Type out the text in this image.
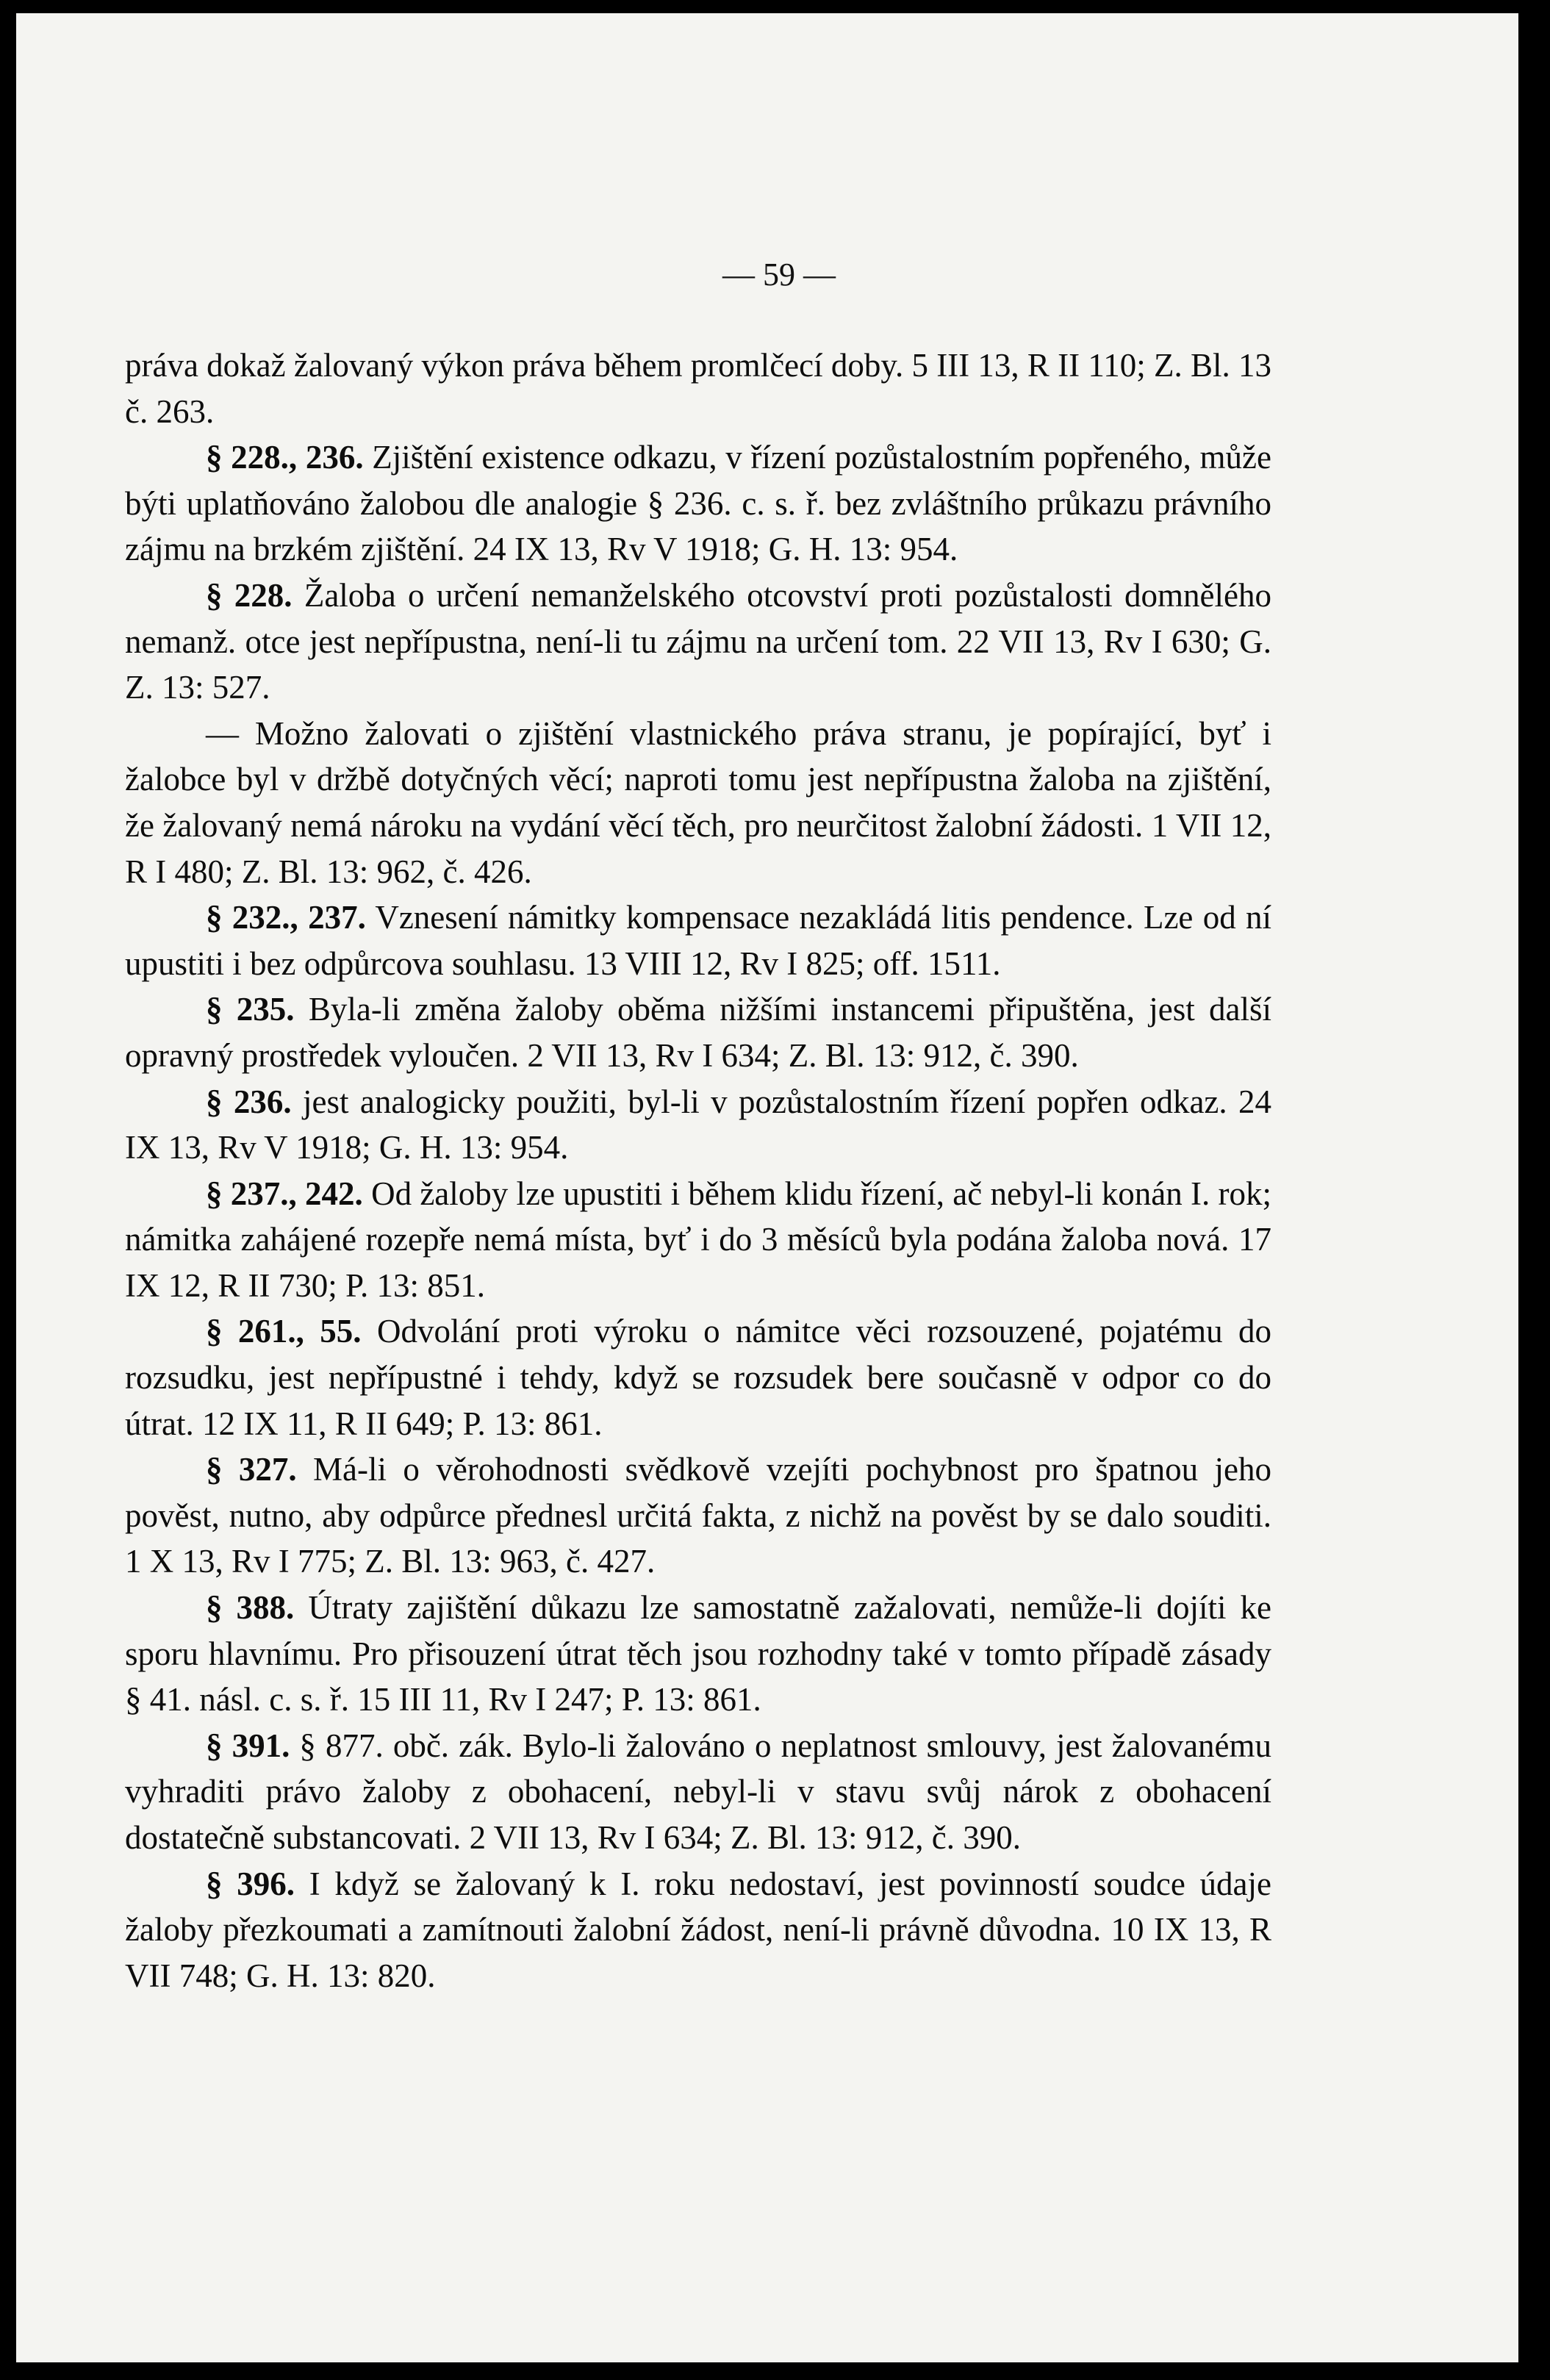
— 59 —

práva dokaž žalovaný výkon práva během promlčecí doby. 5 III 13, R II 110; Z. Bl. 13 č. 263.

§ 228., 236. Zjištění existence odkazu, v řízení pozůstalostním popřeného, může býti uplatňováno žalobou dle analogie § 236. c. s. ř. bez zvláštního průkazu právního zájmu na brzkém zjištění. 24 IX 13, Rv V 1918; G. H. 13: 954.

§ 228. Žaloba o určení nemanželského otcovství proti pozůstalosti domnělého nemanž. otce jest nepřípustna, není-li tu zájmu na určení tom. 22 VII 13, Rv I 630; G. Z. 13: 527.

— Možno žalovati o zjištění vlastnického práva stranu, je popírající, byť i žalobce byl v držbě dotyčných věcí; naproti tomu jest nepřípustna žaloba na zjištění, že žalovaný nemá nároku na vydání věcí těch, pro neurčitost žalobní žádosti. 1 VII 12, R I 480; Z. Bl. 13: 962, č. 426.

§ 232., 237. Vznesení námitky kompensace nezakládá litis pendence. Lze od ní upustiti i bez odpůrcova souhlasu. 13 VIII 12, Rv I 825; off. 1511.

§ 235. Byla-li změna žaloby oběma nižšími instancemi připuštěna, jest další opravný prostředek vyloučen. 2 VII 13, Rv I 634; Z. Bl. 13: 912, č. 390.

§ 236. jest analogicky použiti, byl-li v pozůstalostním řízení popřen odkaz. 24 IX 13, Rv V 1918; G. H. 13: 954.

§ 237., 242. Od žaloby lze upustiti i během klidu řízení, ač nebyl-li konán I. rok; námitka zahájené rozepře nemá místa, byť i do 3 měsíců byla podána žaloba nová. 17 IX 12, R II 730; P. 13: 851.

§ 261., 55. Odvolání proti výroku o námitce věci rozsouzené, pojatému do rozsudku, jest nepřípustné i tehdy, když se rozsudek bere současně v odpor co do útrat. 12 IX 11, R II 649; P. 13: 861.

§ 327. Má-li o věrohodnosti svědkově vzejíti pochybnost pro špatnou jeho pověst, nutno, aby odpůrce přednesl určitá fakta, z nichž na pověst by se dalo souditi. 1 X 13, Rv I 775; Z. Bl. 13: 963, č. 427.

§ 388. Útraty zajištění důkazu lze samostatně zažalovati, nemůže-li dojíti ke sporu hlavnímu. Pro přisouzení útrat těch jsou rozhodny také v tomto případě zásady § 41. násl. c. s. ř. 15 III 11, Rv I 247; P. 13: 861.

§ 391. § 877. obč. zák. Bylo-li žalováno o neplatnost smlouvy, jest žalovanému vyhraditi právo žaloby z obohacení, nebyl-li v stavu svůj nárok z obohacení dostatečně substancovati. 2 VII 13, Rv I 634; Z. Bl. 13: 912, č. 390.

§ 396. I když se žalovaný k I. roku nedostaví, jest povinností soudce údaje žaloby přezkoumati a zamítnouti žalobní žádost, není-li právně důvodna. 10 IX 13, R VII 748; G. H. 13: 820.
